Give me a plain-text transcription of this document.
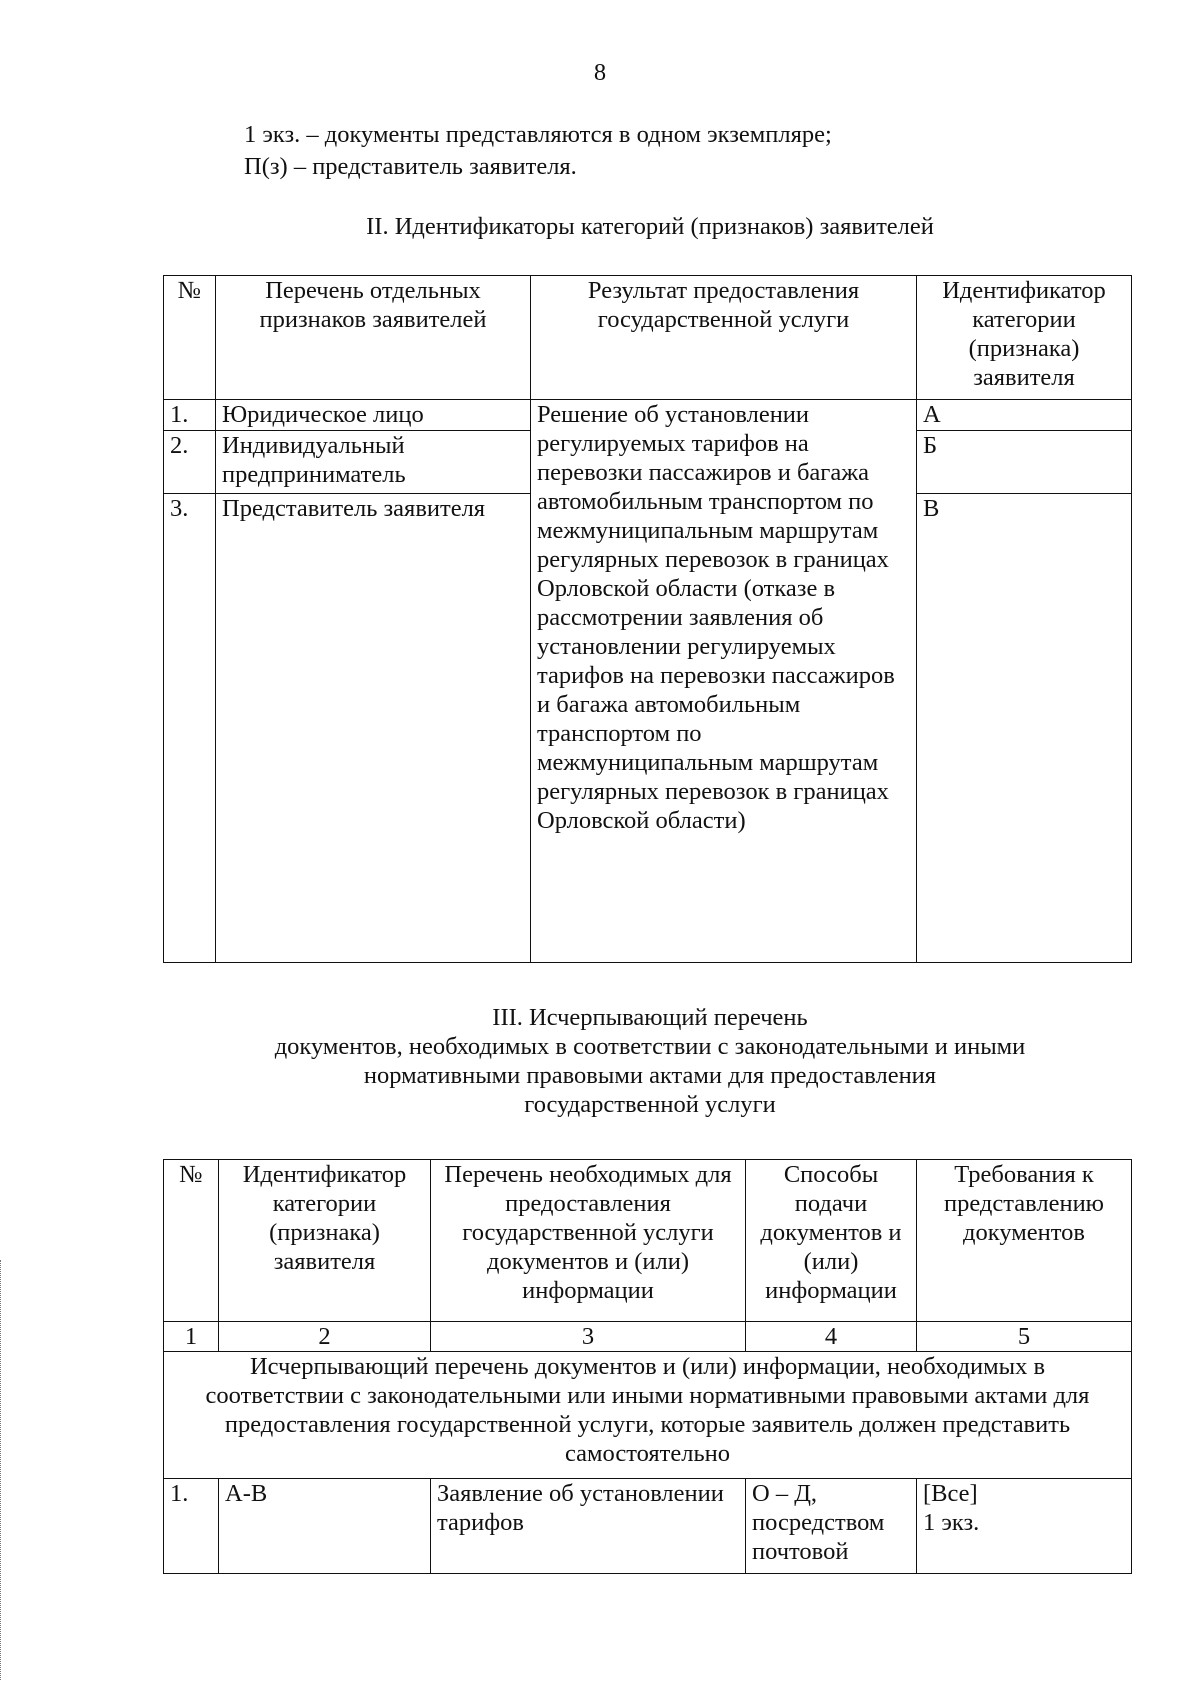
8
1 экз. – документы представляются в одном экземпляре;
П(з) – представитель заявителя.
II. Идентификаторы категорий (признаков) заявителей
№	Перечень отдельных признаков заявителей	Результат предоставления государственной услуги	Идентификатор категории (признака) заявителя
1.	Юридическое лицо	Решение об установлении регулируемых тарифов на перевозки пассажиров и багажа автомобильным транспортом по межмуниципальным маршрутам регулярных перевозок в границах Орловской области (отказе в рассмотрении заявления об установлении регулируемых тарифов на перевозки пассажиров и багажа автомобильным транспортом по межмуниципальным маршрутам регулярных перевозок в границах Орловской области)	А
2.	Индивидуальный предприниматель		Б
3.	Представитель заявителя		В
III. Исчерпывающий перечень
документов, необходимых в соответствии с законодательными и иными
нормативными правовыми актами для предоставления
государственной услуги
№	Идентификатор категории (признака) заявителя	Перечень необходимых для предоставления государственной услуги документов и (или) информации	Способы подачи документов и (или) информации	Требования к представлению документов
1	2	3	4	5
Исчерпывающий перечень документов и (или) информации, необходимых в соответствии с законодательными или иными нормативными правовыми актами для предоставления государственной услуги, которые заявитель должен представить самостоятельно				
1.	А-В	Заявление об установлении тарифов	О – Д, посредством почтовой	[Все]
1 экз.
